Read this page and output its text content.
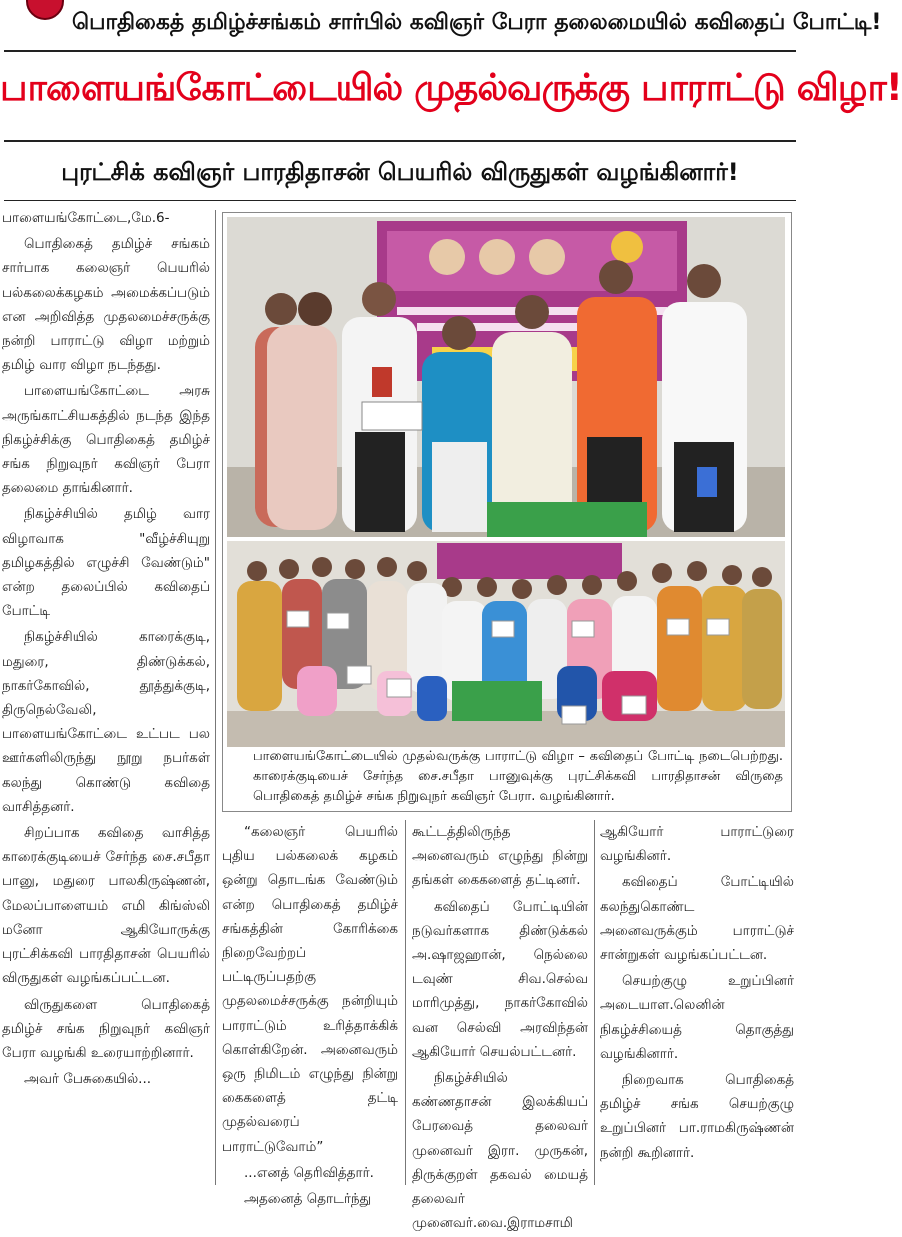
பொதிகைத் தமிழ்ச்சங்கம் சார்பில் கவிஞர் பேரா தலைமையில் கவிதைப் போட்டி!
பாளையங்கோட்டையில் முதல்வருக்கு பாராட்டு விழா!
புரட்சிக் கவிஞர் பாரதிதாசன் பெயரில் விருதுகள் வழங்கினார்!

பாளையங்கோட்டை,மே.6-

பொதிகைத் தமிழ்ச் சங்கம் சார்பாக கலைஞர் பெயரில் பல்கலைக்கழகம் அமைக்கப்படும் என அறிவித்த முதலமைச்சருக்கு நன்றி பாராட்டு விழா மற்றும் தமிழ் வார விழா நடந்தது.

பாளையங்கோட்டை அரசு அருங்காட்சியகத்தில் நடந்த இந்த நிகழ்ச்சிக்கு பொதிகைத் தமிழ்ச் சங்க நிறுவுநர் கவிஞர் பேரா தலைமை தாங்கினார்.

நிகழ்ச்சியில் தமிழ் வார விழாவாக "வீழ்ச்சியுறு தமிழகத்தில் எழுச்சி வேண்டும்" என்ற தலைப்பில் கவிதைப் போட்டி

நிகழ்ச்சியில் காரைக்குடி, மதுரை, திண்டுக்கல், நாகர்கோவில், தூத்துக்குடி, திருநெல்வேலி, பாளையங்கோட்டை உட்பட பல ஊர்களிலிருந்து நூறு நபர்கள் கலந்து கொண்டு கவிதை வாசித்தனர்.

சிறப்பாக கவிதை வாசித்த காரைக்குடியைச் சேர்ந்த சை.சபீதா பானு, மதுரை பாலகிருஷ்ணன், மேலப்பாளையம் எமி கிங்ஸ்லி மனோ ஆகியோருக்கு புரட்சிக்கவி பாரதிதாசன் பெயரில் விருதுகள் வழங்கப்பட்டன.

விருதுகளை பொதிகைத் தமிழ்ச் சங்க நிறுவுநர் கவிஞர் பேரா வழங்கி உரையாற்றினார்.

அவர் பேசுகையில்...

பாளையங்கோட்டையில் முதல்வருக்கு பாராட்டு விழா – கவிதைப் போட்டி நடைபெற்றது. காரைக்குடியைச் சேர்ந்த சை.சபீதா பானுவுக்கு புரட்சிக்கவி பாரதிதாசன் விருதை பொதிகைத் தமிழ்ச் சங்க நிறுவுநர் கவிஞர் பேரா. வழங்கினார்.

“கலைஞர் பெயரில் புதிய பல்கலைக் கழகம் ஒன்று தொடங்க வேண்டும் என்ற பொதிகைத் தமிழ்ச் சங்கத்தின் கோரிக்கை நிறைவேற்றப் பட்டிருப்பதற்கு முதலமைச்சருக்கு நன்றியும் பாராட்டும் உரித்தாக்கிக் கொள்கிறேன். அனைவரும் ஒரு நிமிடம் எழுந்து நின்று கைகளைத் தட்டி முதல்வரைப் பாராட்டுவோம்”

...எனத் தெரிவித்தார்.

அதனைத் தொடர்ந்து

கூட்டத்திலிருந்த அனைவரும் எழுந்து நின்று தங்கள் கைகளைத் தட்டினர்.

கவிதைப் போட்டியின் நடுவர்களாக திண்டுக்கல் அ.ஷாஜஹான், நெல்லை டவுண் சிவ.செல்வ மாரிமுத்து, நாகர்கோவில் வன செல்வி அரவிந்தன் ஆகியோர் செயல்பட்டனர்.

நிகழ்ச்சியில் கண்ணதாசன் இலக்கியப் பேரவைத் தலைவர் முனைவர் இரா. முருகன், திருக்குறள் தகவல் மையத் தலைவர் முனைவர்.வை.இராமசாமி

ஆகியோர் பாராட்டுரை வழங்கினர்.

கவிதைப் போட்டியில் கலந்துகொண்ட அனைவருக்கும் பாராட்டுச் சான்றுகள் வழங்கப்பட்டன.

செயற்குழு உறுப்பினர் அடையாள.லெனின் நிகழ்ச்சியைத் தொகுத்து வழங்கினார்.

நிறைவாக பொதிகைத் தமிழ்ச் சங்க செயற்குழு உறுப்பினர் பா.ராமகிருஷ்ணன் நன்றி கூறினார்.
